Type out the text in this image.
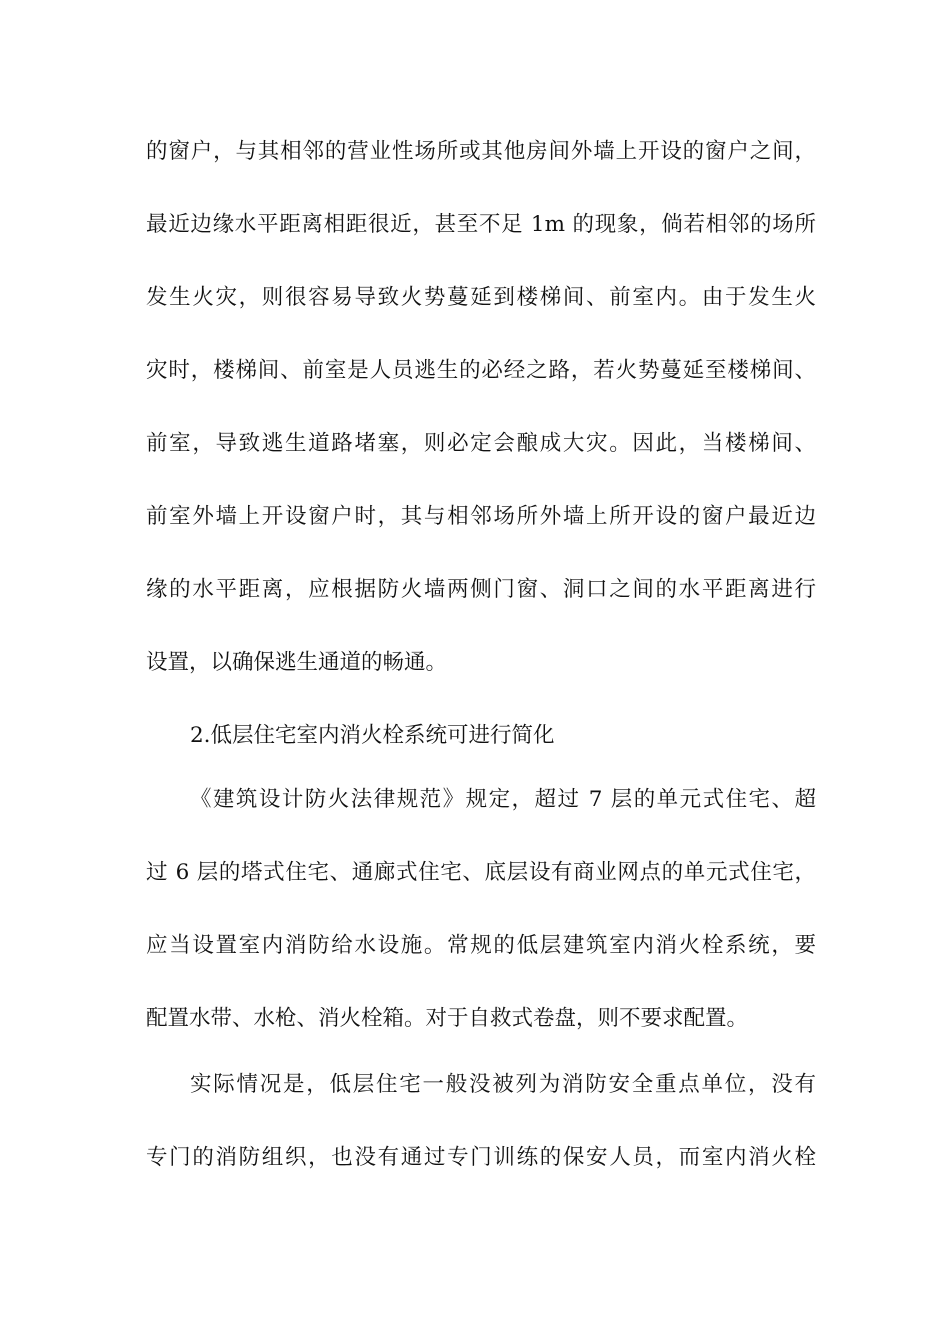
的窗户，与其相邻的营业性场所或其他房间外墙上开设的窗户之间，
最近边缘水平距离相距很近，甚至不足 1m 的现象，倘若相邻的场所
发生火灾，则很容易导致火势蔓延到楼梯间、前室内。由于发生火
灾时，楼梯间、前室是人员逃生的必经之路，若火势蔓延至楼梯间、
前室，导致逃生道路堵塞，则必定会酿成大灾。因此，当楼梯间、
前室外墙上开设窗户时，其与相邻场所外墙上所开设的窗户最近边
缘的水平距离，应根据防火墙两侧门窗、洞口之间的水平距离进行
设置，以确保逃生通道的畅通。
2.低层住宅室内消火栓系统可进行简化
《建筑设计防火法律规范》规定，超过 7 层的单元式住宅、超
过 6 层的塔式住宅、通廊式住宅、底层设有商业网点的单元式住宅，
应当设置室内消防给水设施。常规的低层建筑室内消火栓系统，要
配置水带、水枪、消火栓箱。对于自救式卷盘，则不要求配置。
实际情况是，低层住宅一般没被列为消防安全重点单位，没有
专门的消防组织，也没有通过专门训练的保安人员，而室内消火栓
